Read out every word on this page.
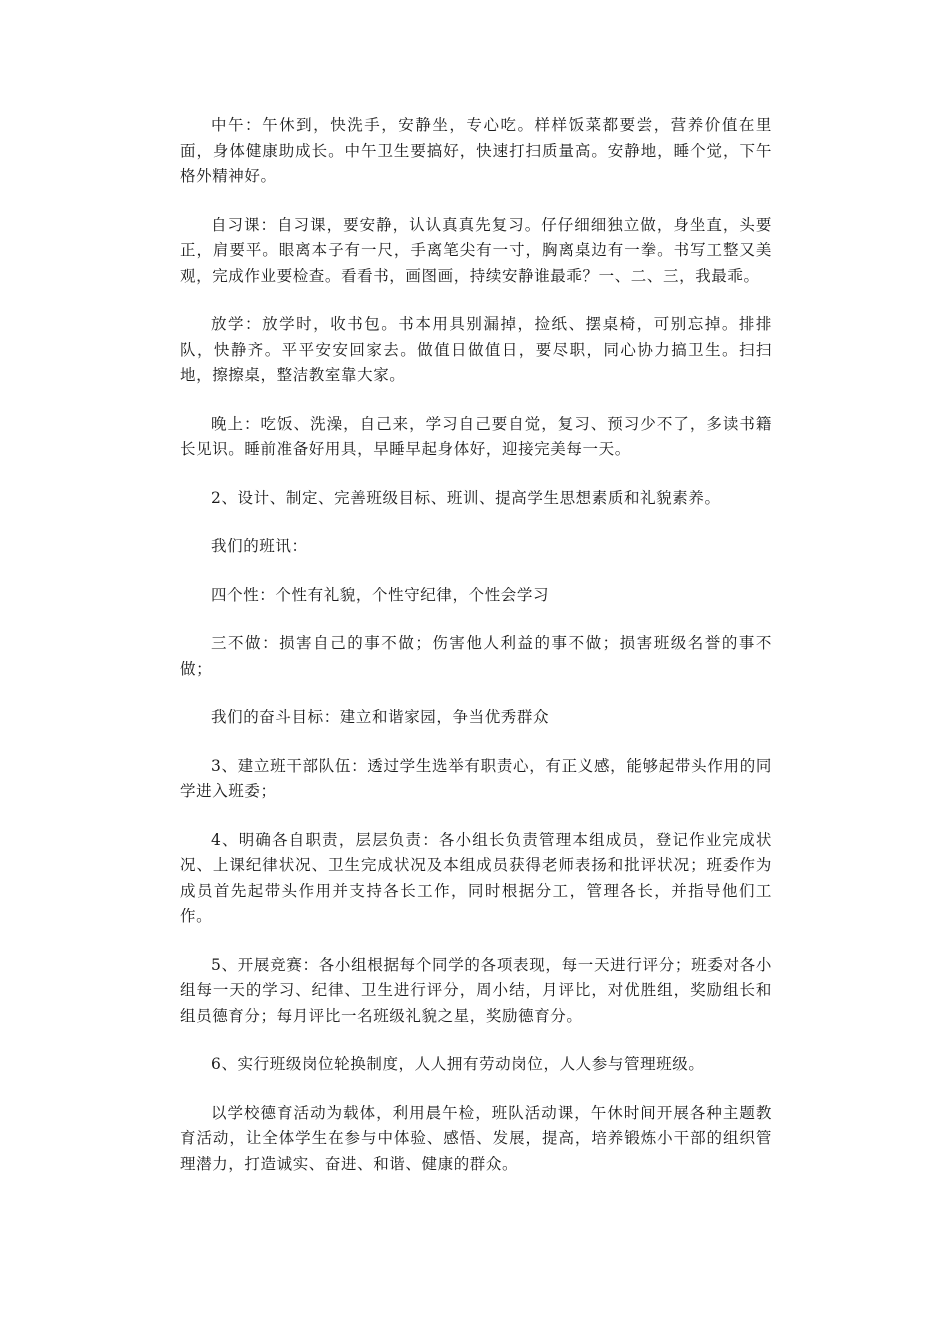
中午：午休到，快洗手，安静坐，专心吃。样样饭菜都要尝，营养价值在里面，身体健康助成长。中午卫生要搞好，快速打扫质量高。安静地，睡个觉，下午格外精神好。

自习课：自习课，要安静，认认真真先复习。仔仔细细独立做，身坐直，头要正，肩要平。眼离本子有一尺，手离笔尖有一寸，胸离桌边有一拳。书写工整又美观，完成作业要检查。看看书，画图画，持续安静谁最乖？一、二、三，我最乖。

放学：放学时，收书包。书本用具别漏掉，捡纸、摆桌椅，可别忘掉。排排队，快静齐。平平安安回家去。做值日做值日，要尽职，同心协力搞卫生。扫扫地，擦擦桌，整洁教室靠大家。

晚上：吃饭、洗澡，自己来，学习自己要自觉，复习、预习少不了，多读书籍长见识。睡前准备好用具，早睡早起身体好，迎接完美每一天。

2、设计、制定、完善班级目标、班训、提高学生思想素质和礼貌素养。

我们的班讯：

四个性：个性有礼貌，个性守纪律，个性会学习

三不做：损害自己的事不做；伤害他人利益的事不做；损害班级名誉的事不做；

我们的奋斗目标：建立和谐家园，争当优秀群众

3、建立班干部队伍：透过学生选举有职责心，有正义感，能够起带头作用的同学进入班委；

4、明确各自职责，层层负责：各小组长负责管理本组成员，登记作业完成状况、上课纪律状况、卫生完成状况及本组成员获得老师表扬和批评状况；班委作为成员首先起带头作用并支持各长工作，同时根据分工，管理各长，并指导他们工作。

5、开展竞赛：各小组根据每个同学的各项表现，每一天进行评分；班委对各小组每一天的学习、纪律、卫生进行评分，周小结，月评比，对优胜组，奖励组长和组员德育分；每月评比一名班级礼貌之星，奖励德育分。

6、实行班级岗位轮换制度，人人拥有劳动岗位，人人参与管理班级。

以学校德育活动为载体，利用晨午检，班队活动课，午休时间开展各种主题教育活动，让全体学生在参与中体验、感悟、发展，提高，培养锻炼小干部的组织管理潜力，打造诚实、奋进、和谐、健康的群众。
